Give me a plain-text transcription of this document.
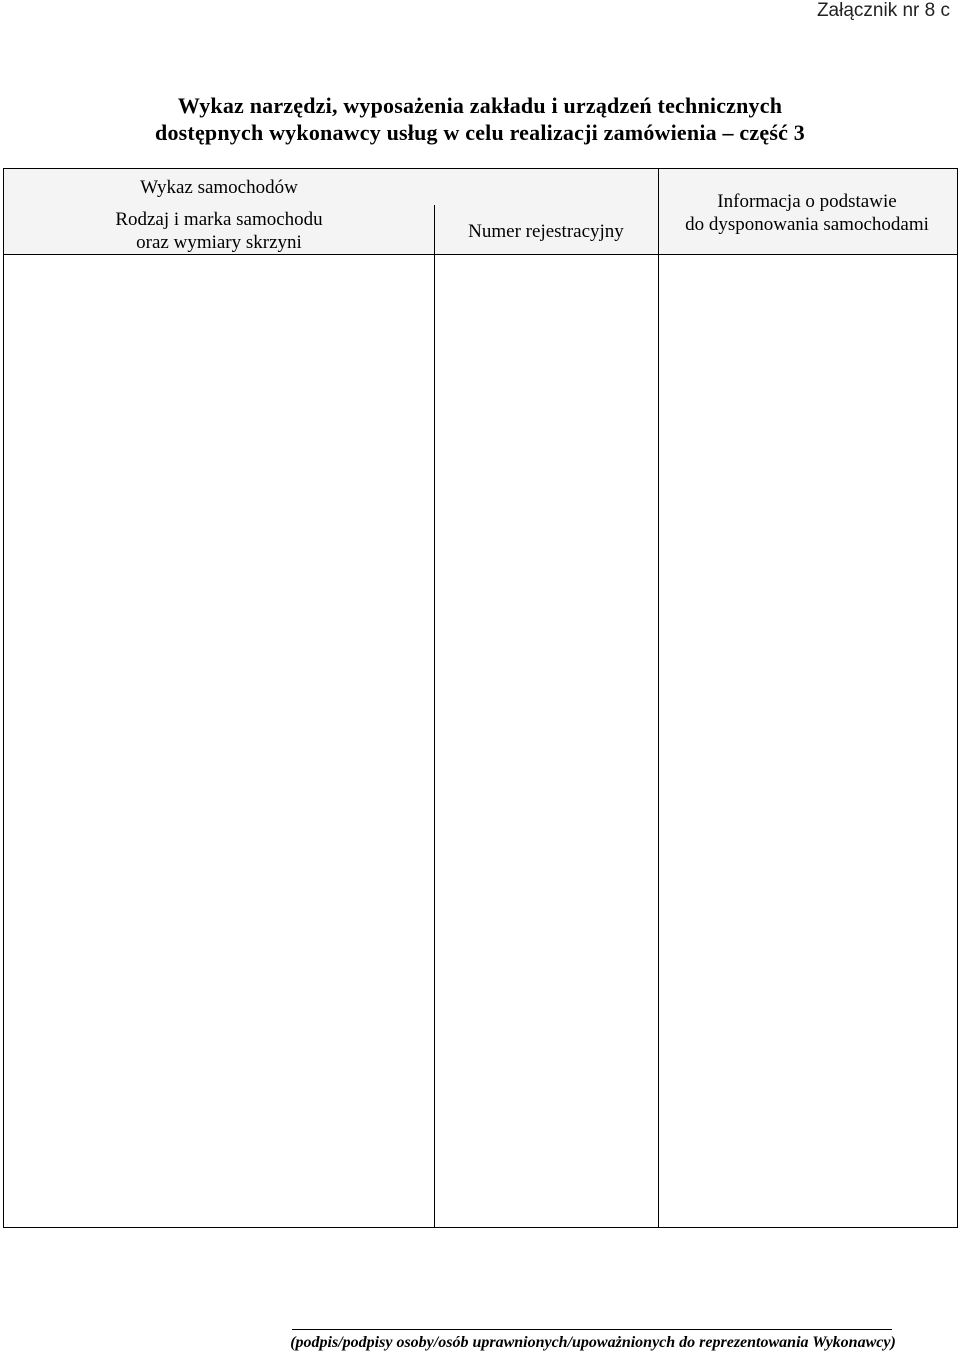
Załącznik nr 8 c
Wykaz narzędzi, wyposażenia zakładu i urządzeń technicznych
dostępnych wykonawcy usług w celu realizacji zamówienia – część 3
Wykaz samochodów
Rodzaj i marka samochodu
oraz wymiary skrzyni
Numer rejestracyjny
Informacja o podstawie
do dysponowania samochodami
(podpis/podpisy osoby/osób uprawnionych/upoważnionych do reprezentowania Wykonawcy)
